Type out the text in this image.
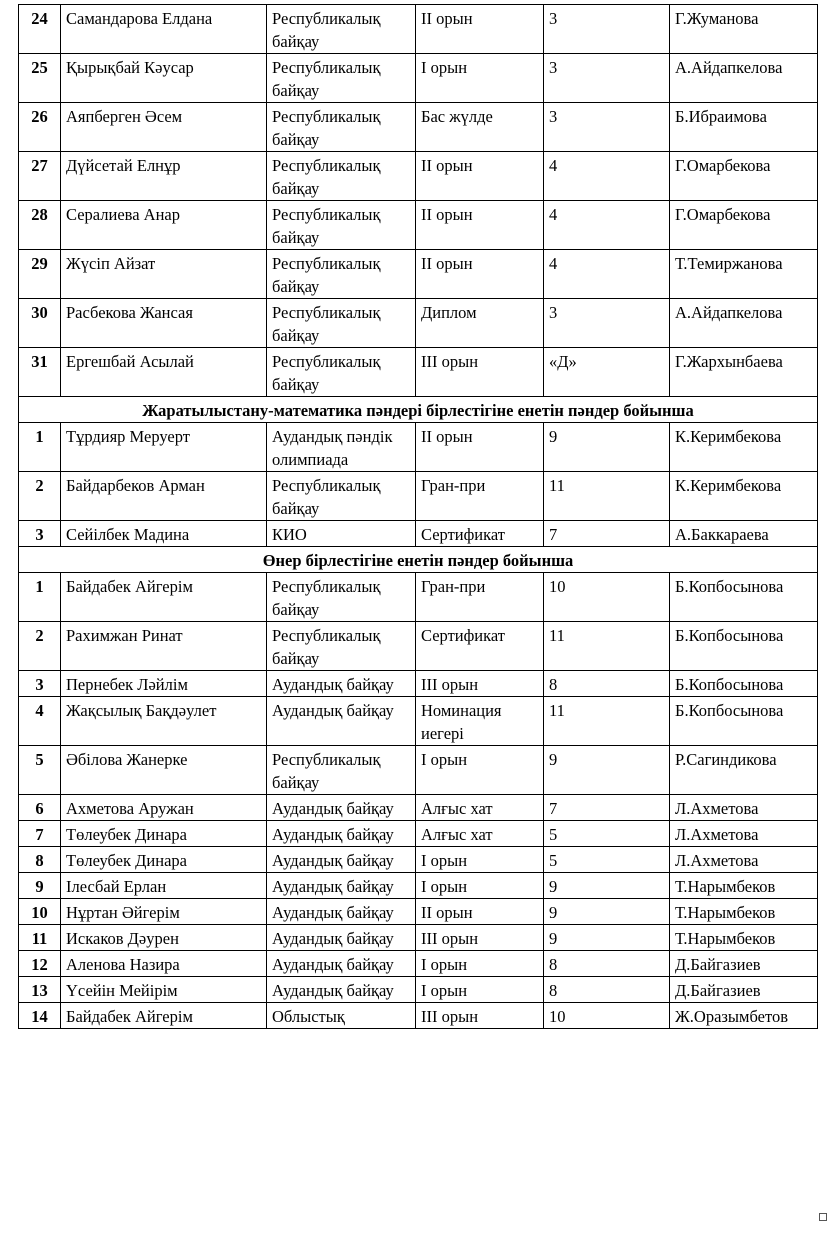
24	Самандарова Елдана	Республикалық байқау	II орын	3	Г.Жуманова
25	Қырықбай Кәусар	Республикалық байқау	I орын	3	А.Айдапкелова
26	Аяпберген Әсем	Республикалық байқау	Бас жүлде	3	Б.Ибраимова
27	Дүйсетай Елнұр	Республикалық байқау	II орын	4	Г.Омарбекова
28	Сералиева Анар	Республикалық байқау	II орын	4	Г.Омарбекова
29	Жүсіп Айзат	Республикалық байқау	II орын	4	Т.Темиржанова
30	Расбекова Жансая	Республикалық байқау	Диплом	3	А.Айдапкелова
31	Ергешбай Асылай	Республикалық байқау	III орын	«Д»	Г.Жархынбаева
Жаратылыстану-математика пәндері бірлестігіне енетін пәндер бойынша					
1	Тұрдияр Меруерт	Аудандық пәндік олимпиада	II орын	9	К.Керимбекова
2	Байдарбеков Арман	Республикалық байқау	Гран-при	11	К.Керимбекова
3	Сейілбек Мадина	КИО	Сертификат	7	А.Баккараева
Өнер бірлестігіне енетін пәндер бойынша					
1	Байдабек Айгерім	Республикалық байқау	Гран-при	10	Б.Копбосынова
2	Рахимжан Ринат	Республикалық байқау	Сертификат	11	Б.Копбосынова
3	Пернебек Ләйлім	Аудандық байқау	III орын	8	Б.Копбосынова
4	Жақсылық Бақдәулет	Аудандық байқау	Номинация иегері	11	Б.Копбосынова
5	Әбілова Жанерке	Республикалық байқау	I орын	9	Р.Сагиндикова
6	Ахметова Аружан	Аудандық байқау	Алғыс хат	7	Л.Ахметова
7	Төлеубек Динара	Аудандық байқау	Алғыс хат	5	Л.Ахметова
8	Төлеубек Динара	Аудандық байқау	I орын	5	Л.Ахметова
9	Ілесбай Ерлан	Аудандық байқау	I орын	9	Т.Нарымбеков
10	Нұртан Әйгерім	Аудандық байқау	II орын	9	Т.Нарымбеков
11	Искаков Дәурен	Аудандық байқау	III орын	9	Т.Нарымбеков
12	Аленова Назира	Аудандық байқау	I орын	8	Д.Байгазиев
13	Үсейін Мейірім	Аудандық байқау	I орын	8	Д.Байгазиев
14	Байдабек Айгерім	Облыстық	III орын	10	Ж.Оразымбетов
